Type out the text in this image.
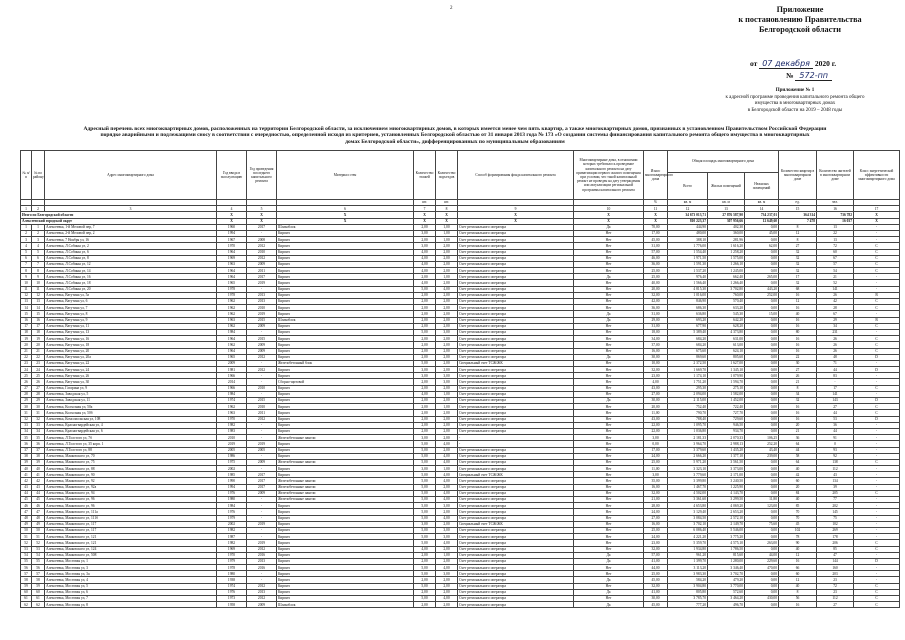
2	Приложение
к постановлению Правительства
Белгородской области
от 07 декабря 2020 г.
№ 572-пп
Приложение № 1
к адресной программе проведения капитального ремонта общего
имущества в многоквартирных домах
в Белгородской области на 2019 – 2048 годы
Адресный перечень всех многоквартирных домов, расположенных на территории Белгородской области, за исключением многоквартирных домов, в которых имеется менее чем пять квартир, а также многоквартирных домов, признанных в установленном Правительством Российской Федерации
порядке аварийными и подлежащими сносу в соответствии с очередностью, определенной исходя из критериев, установленных Белгородской областью от 31 января 2013 года № 173 «О создании системы финансирования капитального ремонта общего имущества в многоквартирных
домах Белгородской области», дифференцированных по муниципальным образованиям
№ п/п	№ по району	Адрес многоквартирного дома	Год ввода в эксплуатацию	Год проведения последнего капитального ремонта	Материал стен	Количество этажей	Количество подъездов	Способ формирования фонда капитального ремонта	Многоквартирные дома, в отношении которых требовалось проведение капитального ремонта на дату приватизации первого жилого помещения при условии, что такой капитальный ремонт не проведен на дату утверждения или актуализации региональной программы капитального ремонта	Износ многоквартирного дома	Общая площадь многоквартирного дома			Количество квартир в многоквартирном доме	Количество жителей в многоквартирном доме	Класс энергетической эффективности многоквартирного дома
											Всего	Жилых помещений	Нежилых помещений			
						шт.	шт.			%	кв. м	кв. м	кв. м	ед.	чел.	
1	2	3	4	5	6	7	8	9	10	11	12	13	14	15	16	17
Итого по Белгородской области			X	X	X	X	X	X	X	X	34 673 013,71	27 876 587,90	734 237,01	364 314	736 782	X
Алексеевский городской округ			X	X	X	X	X	X	X	X	810 223,37	307 956,66	12 649,60	7 478	16 037	X
1	1	Алексеевка, 1-й Меловой пер, 7	1960	2017	Шлакоблок	2,00	1,00	Счет регионального оператора	Да	70,00	444,90	402,30	0,00	8	13	-
2	2	Алексеевка, 2-й Меловой пер, 2	1994	-	Кирпич	3,00	1,00	Счет регионального оператора	Нет	17,00	480,00	360,00	45,00	12	22	-
3	3	Алексеевка, 7 Ноября ул, 16	1967	2008	Кирпич	2,00	1,00	Счет регионального оператора	Нет	45,00	388,10	281,96	0,00	8	13	-
4	4	Алексеевка, Л.Собины ул, 2	1970	2012	Кирпич	3,00	2,00	Счет регионального оператора	Нет	31,00	1 776,00	1 616,20	62,00	27	72	C
5	5	Алексеевка, Л.Собины ул, 6	1964	2010	Кирпич	4,00	2,00	Счет регионального оператора	Нет	57,00	1 554,40	1 258,20	0,00	32	60	C
6	6	Алексеевка, Л.Собины ул, 8	1969	2012	Кирпич	4,00	2,00	Счет регионального оператора	Нет	46,00	1 971,50	1 575,00	0,00	32	67	C
7	7	Алексеевка, Л.Собины ул, 12	1963	2009	Кирпич	4,00	2,00	Счет регионального оператора	Нет	36,00	1 591,30	1 266,10	0,00	32	57	C
8	8	Алексеевка, Л.Собины ул, 14	1964	2011	Кирпич	4,00	2,00	Счет регионального оператора	Нет	25,00	1 537,20	1 245,00	0,00	32	54	C
9	9	Алексеевка, Л.Собины ул, 16	1964	2017	Кирпич	2,00	1,00	Счет регионального оператора	Да	25,00	976,40	662,40	265,00	17	21	-
10	10	Алексеевка, Л.Собины ул, 18	1965	2019	Кирпич	4,00	2,00	Счет регионального оператора	Нет	40,00	1 566,40	1 266,40	0,00	32	52	-
11	11	Алексеевка, Л.Собины ул, 20	1978	-	Кирпич	5,00	4,00	Счет регионального оператора	Нет	20,00	4 815,30	3 702,80	443,20	68	141	-
12	12	Алексеевка, Ватутина ул, 5а	1978	2013	Кирпич	2,00	2,00	Счет регионального оператора	Нет	32,00	1 016,00	760,00	252,00	16	26	B
13	13	Алексеевка, Ватутина ул, 6	1962	2013	Кирпич	2,00	2,00	Счет регионального оператора	Нет	42,00	846,90	570,40	0,00	12	42	C
14	14	Алексеевка, Ватутина ул, 7	1962	2010	Кирпич	2,00	2,00	Счет регионального оператора	Нет	36,00	686,30	633,20	0,00	16	28	C
15	15	Алексеевка, Ватутина ул, 8	1962	2019	Кирпич	2,00	2,00	Счет регионального оператора	Да	31,00	636,80	545,30	15,00	40	67	-
16	16	Алексеевка, Ватутина ул, 9	1963	2015	Шлакоблок	2,00	2,00	Счет регионального оператора	Да	29,00	693,20	642,20	0,00	16	29	B
17	17	Алексеевка, Ватутина ул, 11	1962	2009	Кирпич	2,00	2,00	Счет регионального оператора	Нет	31,00	677,90	628,20	0,00	16	34	C
18	18	Алексеевка, Ватутина ул, 13	1984	-	Кирпич	5,00	3,00	Счет регионального оператора	Нет	18,00	5 389,40	4 373,80	0,00	80	231	-
19	19	Алексеевка, Ватутина ул, 16	1964	2015	Кирпич	2,00	2,00	Счет регионального оператора	Нет	34,00	684,20	631,00	0,00	16	26	C
20	20	Алексеевка, Ватутина ул, 18	1962	2009	Кирпич	2,00	2,00	Счет регионального оператора	Нет	37,00	684,20	613,00	0,00	16	26	C
21	21	Алексеевка, Ватутина ул, 20	1964	2009	Кирпич	2,00	2,00	Счет регионального оператора	Нет	16,00	675,60	624,10	0,00	16	26	C
22	22	Алексеевка, Ватутина ул, 20а	1965	2012	Кирпич	2,00	2,00	Счет регионального оператора	Да	30,00	869,60	805,60	0,00	22	48	D
23	23	Алексеевка, Ватутина ул, 22	2009	-	Железобетонный блок	5,00	2,00	Специальный счет ТСЖ/ЖК	Нет	10,00	2 372,50	1 627,00	0,00	30	71	-
24	24	Алексеевка, Ватутина ул, 24	1981	2012	Кирпич	3,00	2,00	Счет регионального оператора	Нет	32,00	1 669,70	1 345,10	0,00	27	44	D
25	25	Алексеевка, Ватутина ул, 26	1966	-	Кирпич	3,00	3,00	Счет регионального оператора	Нет	23,00	1 174,10	1 079,90	0,00	26	83	-
26	26	Алексеевка, Ватутина ул, 30	2014	-	Сборно-щитовой	2,00	3,00	Счет регионального оператора	Нет	4,00	1 751,20	1 594,70	0,00	21	-	-
27	27	Алексеевка, Гагарина ул, 9	1966	2010	Кирпич	2,00	2,00	Счет регионального оператора	Нет	43,00	295,30	275,10	0,00	8	17	C
28	28	Алексеевка, Заводская ул, 5	1984	-	Кирпич	4,00	1,00	Счет регионального оператора	Нет	27,00	2 094,00	1 582,00	0,00	34	141	-
29	29	Алексеевка, Заводская ул, 11	1974	2015	Кирпич	2,00	2,00	Счет регионального оператора	Да	30,00	2 115,00	1 452,00	0,00	32	143	D
30	30	Алексеевка, Колхозная ул, 50а	1962	2010	Кирпич	2,00	1,00	Счет регионального оператора	Нет	20,00	752,40	722,40	0,00	16	27	C
31	31	Алексеевка, Колхозная ул, 50б	1963	2011	Кирпич	2,00	2,00	Счет регионального оператора	Нет	11,00	790,70	727,70	0,00	16	44	C
32	32	Алексеевка, Комсомольская ул, 108	1970	2012	Кирпич	2,00	2,00	Счет регионального оператора	Нет	43,00	788,40	729,60	0,00	16	53	D
33	33	Алексеевка, Красногвардейская ул, 4	1982	-	Кирпич	2,00	2,00	Счет регионального оператора	Нет	22,00	1 095,70	946,50	0,00	20	36	-
34	34	Алексеевка, Красногвардейская ул, 6	1983	-	Кирпич	2,00	2,00	Счет регионального оператора	Нет	22,00	1 036,80	934,70	0,00	21	44	-
35	35	Алексеевка, Л.Толстого ул, 7б	2010	-	Железобетонные панели	3,00	2,00	-	Нет	3,00	2 181,33	2 070,33	106,25	36	91	-
36	36	Алексеевка, Л.Толстого ул, 35 корп. 1	2019	2019	Кирпич	5,00	4,00	-	Нет	0,00	3 964,70	2 988,13	252,20	64	0	-
37	37	Алексеевка, Л.Толстого ул, 88	2005	2005	Кирпич	5,00	2,00	Счет регионального оператора	Нет	17,00	3 379,60	1 435,20	43,40	44	93	-
38	38	Алексеевка, Маяковского ул, 70	1986	-	Кирпич	5,00	4,00	Счет регионального оператора	Нет	24,00	2 666,20	1 377,10	239,00	58	92	-
39	39	Алексеевка, Маяковского ул, 75	1975	2009	Железобетонные панели	5,00	4,00	Счет регионального оператора	Нет	25,00	5 971,20	3 561,50	0,00	64	138	C
40	40	Алексеевка, Маяковского ул, 88	2002	-	Кирпич	3,00	1,00	Счет регионального оператора	Нет	11,00	3 323,10	3 373,00	0,00	40	112	-
41	41	Алексеевка, Маяковского ул, 90	1985	2017	Кирпич	5,00	4,00	Специальный счет ТСЖ/ЖК	Нет	3,00	3 779,60	2 171,00	0,00	42	43	-
42	42	Алексеевка, Маяковского ул, 92	1990	2017	Железобетонные панели	5,00	4,00	Счет регионального оператора	Нет	35,00	3 399,80	3 240,50	0,00	60	134	-
43	43	Алексеевка, Маяковского ул, 92а	1994	2017	Железобетонные панели	5,00	2,00	Счет регионального оператора	Нет	16,00	1 467,70	1 225,90	0,00	20	39	-
44	44	Алексеевка, Маяковского ул, 94	1976	2009	Железобетонные панели	5,00	4,00	Счет регионального оператора	Нет	32,00	4 502,00	4 143,70	0,00	84	205	C
45	45	Алексеевка, Маяковского ул, 96	1980	-	Железобетонные панели	5,00	4,00	Счет регионального оператора	Нет	21,00	3 361,60	3 299,50	11,80	40	77	-
46	46	Алексеевка, Маяковского ул, 96	1984	-	Кирпич	5,00	3,00	Счет регионального оператора	Нет	28,00	4 653,80	4 069,20	123,00	85	202	-
47	47	Алексеевка, Маяковского ул, 111а	1976	-	Кирпич	5,00	2,00	Счет регионального оператора	Нет	24,00	3 129,40	2 653,20	0,00	70	145	-
48	48	Алексеевка, Маяковского ул, 111б	1979	-	Кирпич	5,00	4,00	Счет регионального оператора	Нет	27,00	3 084,50	2 572,10	0,00	70	75	-
49	49	Алексеевка, Маяковского ул, 117	2002	2019	Кирпич	3,00	2,00	Специальный счет ТСЖ/ЖК	Нет	16,00	3 702,10	2 149,70	75,60	45	102	-
50	50	Алексеевка, Маяковского ул, 117	1982	-	Кирпич	5,00	3,00	Счет регионального оператора	Нет	25,00	6 086,40	5 546,00	0,00	102	269	-
51	51	Алексеевка, Маяковского ул, 121	1987	-	Кирпич	5,00	3,00	Счет регионального оператора	Нет	24,00	4 221,20	3 775,20	0,00	78	178	-
52	52	Алексеевка, Маяковского ул, 121	1982	2019	Кирпич	5,00	4,00	Счет регионального оператора	Нет	23,00	5 359,70	4 575,10	263,00	90	206	C
53	53	Алексеевка, Маяковского ул, 124	1969	2012	Кирпич	4,00	2,00	Счет регионального оператора	Нет	32,00	1 934,80	1 786,50	0,00	40	85	C
54	54	Алексеевка, Маяковского ул, 508	1970	2016	Кирпич	2,00	1,00	Счет регионального оператора	Да	57,00	961,20	815,60	44,00	12	47	-
55	55	Алексеевка, Мостовая ул, 1	1979	2013	Кирпич	2,00	2,00	Счет регионального оператора	Да	41,00	1 399,70	1 280,00	229,60	16	144	D
56	56	Алексеевка, Мостовая ул, 3	1978	2016	Кирпич	5,00	4,00	Счет регионального оператора	Нет	44,00	3 113,20	3 346,40	470,00	66	160	-
57	57	Алексеевка, Мостовая ул, 3а	1980	-	Кирпич	5,00	3,00	Счет регионального оператора	Нет	25,00	3 983,30	3 702,70	0,00	60	203	-
58	58	Алексеевка, Мостовая ул, 4	1938	-	Кирпич	2,00	2,00	Счет регионального оператора	Да	45,00	584,20	479,20	0,00	12	23	-
59	59	Алексеевка, Мостовая ул, 5	1974	2012	Кирпич	5,00	2,00	Счет регионального оператора	Нет	32,00	3 904,80	3 770,00	0,00	40	72	C
60	60	Алексеевка, Мостовая ул, 6	1976	2013	Кирпич	2,00	2,00	Счет регионального оператора	Да	41,00	805,80	572,60	0,00	8	23	C
61	61	Алексеевка, Мостовая ул, 7	1973	2012	Кирпич	5,00	4,00	Счет регионального оператора	Нет	30,00	3 785,70	3 464,20	430,00	56	112	C
62	62	Алексеевка, Мостовая ул, 8	1958	2009	Шлакоблок	2,00	2,00	Счет регионального оператора	Да	45,00	777,20	496,70	0,00	16	27	C
